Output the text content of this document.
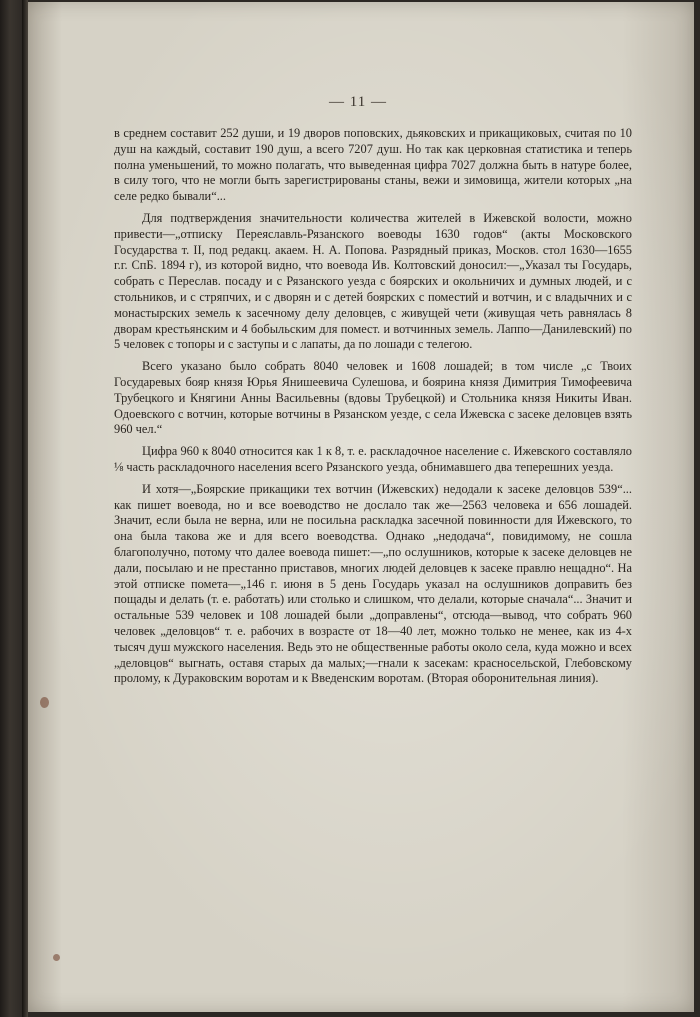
— 11 —

в среднем составит 252 души, и 19 дворов поповских, дьяковских и прикащиковых, считая по 10 душ на каждый, составит 190 душ, а всего 7207 душ. Но так как церковная статистика и теперь полна уменьшений, то можно полагать, что выведенная цифра 7027 должна быть в натуре более, в силу того, что не могли быть зарегистрированы станы, вежи и зимовища, жители которых „на селе редко бывали“...

Для подтверждения значительности количества жителей в Ижевской волости, можно привести—„отписку Переяславль-Рязанского воеводы 1630 годов“ (акты Московского Государства т. II, под редакц. акаем. Н. А. Попова. Разрядный приказ, Москов. стол 1630—1655 г.г. СпБ. 1894 г), из которой видно, что воевода Ив. Колтовский доносил:—„Указал ты Государь, собрать с Переслав. посаду и с Рязанского уезда с боярских и окольничих и думных людей, и с стольников, и с стряпчих, и с дворян и с детей боярских с поместий и вотчин, и с владычних и с монастырских земель к засечному делу деловцев, с живущей чети (живущая четь равнялась 8 дворам крестьянским и 4 бобыльским для помест. и вотчинных земель. Лаппо—Данилевский) по 5 человек с топоры и с заступы и с лапаты, да по лошади с телегою.

Всего указано было собрать 8040 человек и 1608 лошадей; в том числе „с Твоих Государевых бояр князя Юрья Янишеевича Сулешова, и боярина князя Димитрия Тимофеевича Трубецкого и Княгини Анны Васильевны (вдовы Трубецкой) и Стольника князя Никиты Иван. Одоевского с вотчин, которые вотчины в Рязанском уезде, с села Ижевска с засеке деловцев взять 960 чел.“

Цифра 960 к 8040 относится как 1 к 8, т. е. раскладочное население с. Ижевского составляло ⅛ часть раскладочного населения всего Рязанского уезда, обнимавшего два теперешних уезда.

И хотя—„Боярские прикащики тех вотчин (Ижевских) недодали к засеке деловцов 539“... как пишет воевода, но и все воеводство не дослало так же—2563 человека и 656 лошадей. Значит, если была не верна, или не посильна раскладка засечной повинности для Ижевского, то она была такова же и для всего воеводства. Однако „недодача“, повидимому, не сошла благополучно, потому что далее воевода пишет:—„по ослушников, которые к засеке деловцев не дали, посылаю и не престанно приставов, многих людей деловцев к засеке правлю нещадно“. На этой отписке помета—„146 г. июня в 5 день Государь указал на ослушников доправить без пощады и делать (т. е. работать) или столько и слишком, что делали, которые сначала“... Значит и остальные 539 человек и 108 лошадей были „доправлены“, отсюда—вывод, что собрать 960 человек „деловцов“ т. е. рабочих в возрасте от 18—40 лет, можно только не менее, как из 4-х тысяч душ мужского населения. Ведь это не общественные работы около села, куда можно и всех „деловцов“ выгнать, оставя старых да малых;—гнали к засекам: красносельской, Глебовскому пролому, к Дураковским воротам и к Введенским воротам. (Вторая оборонительная линия).
